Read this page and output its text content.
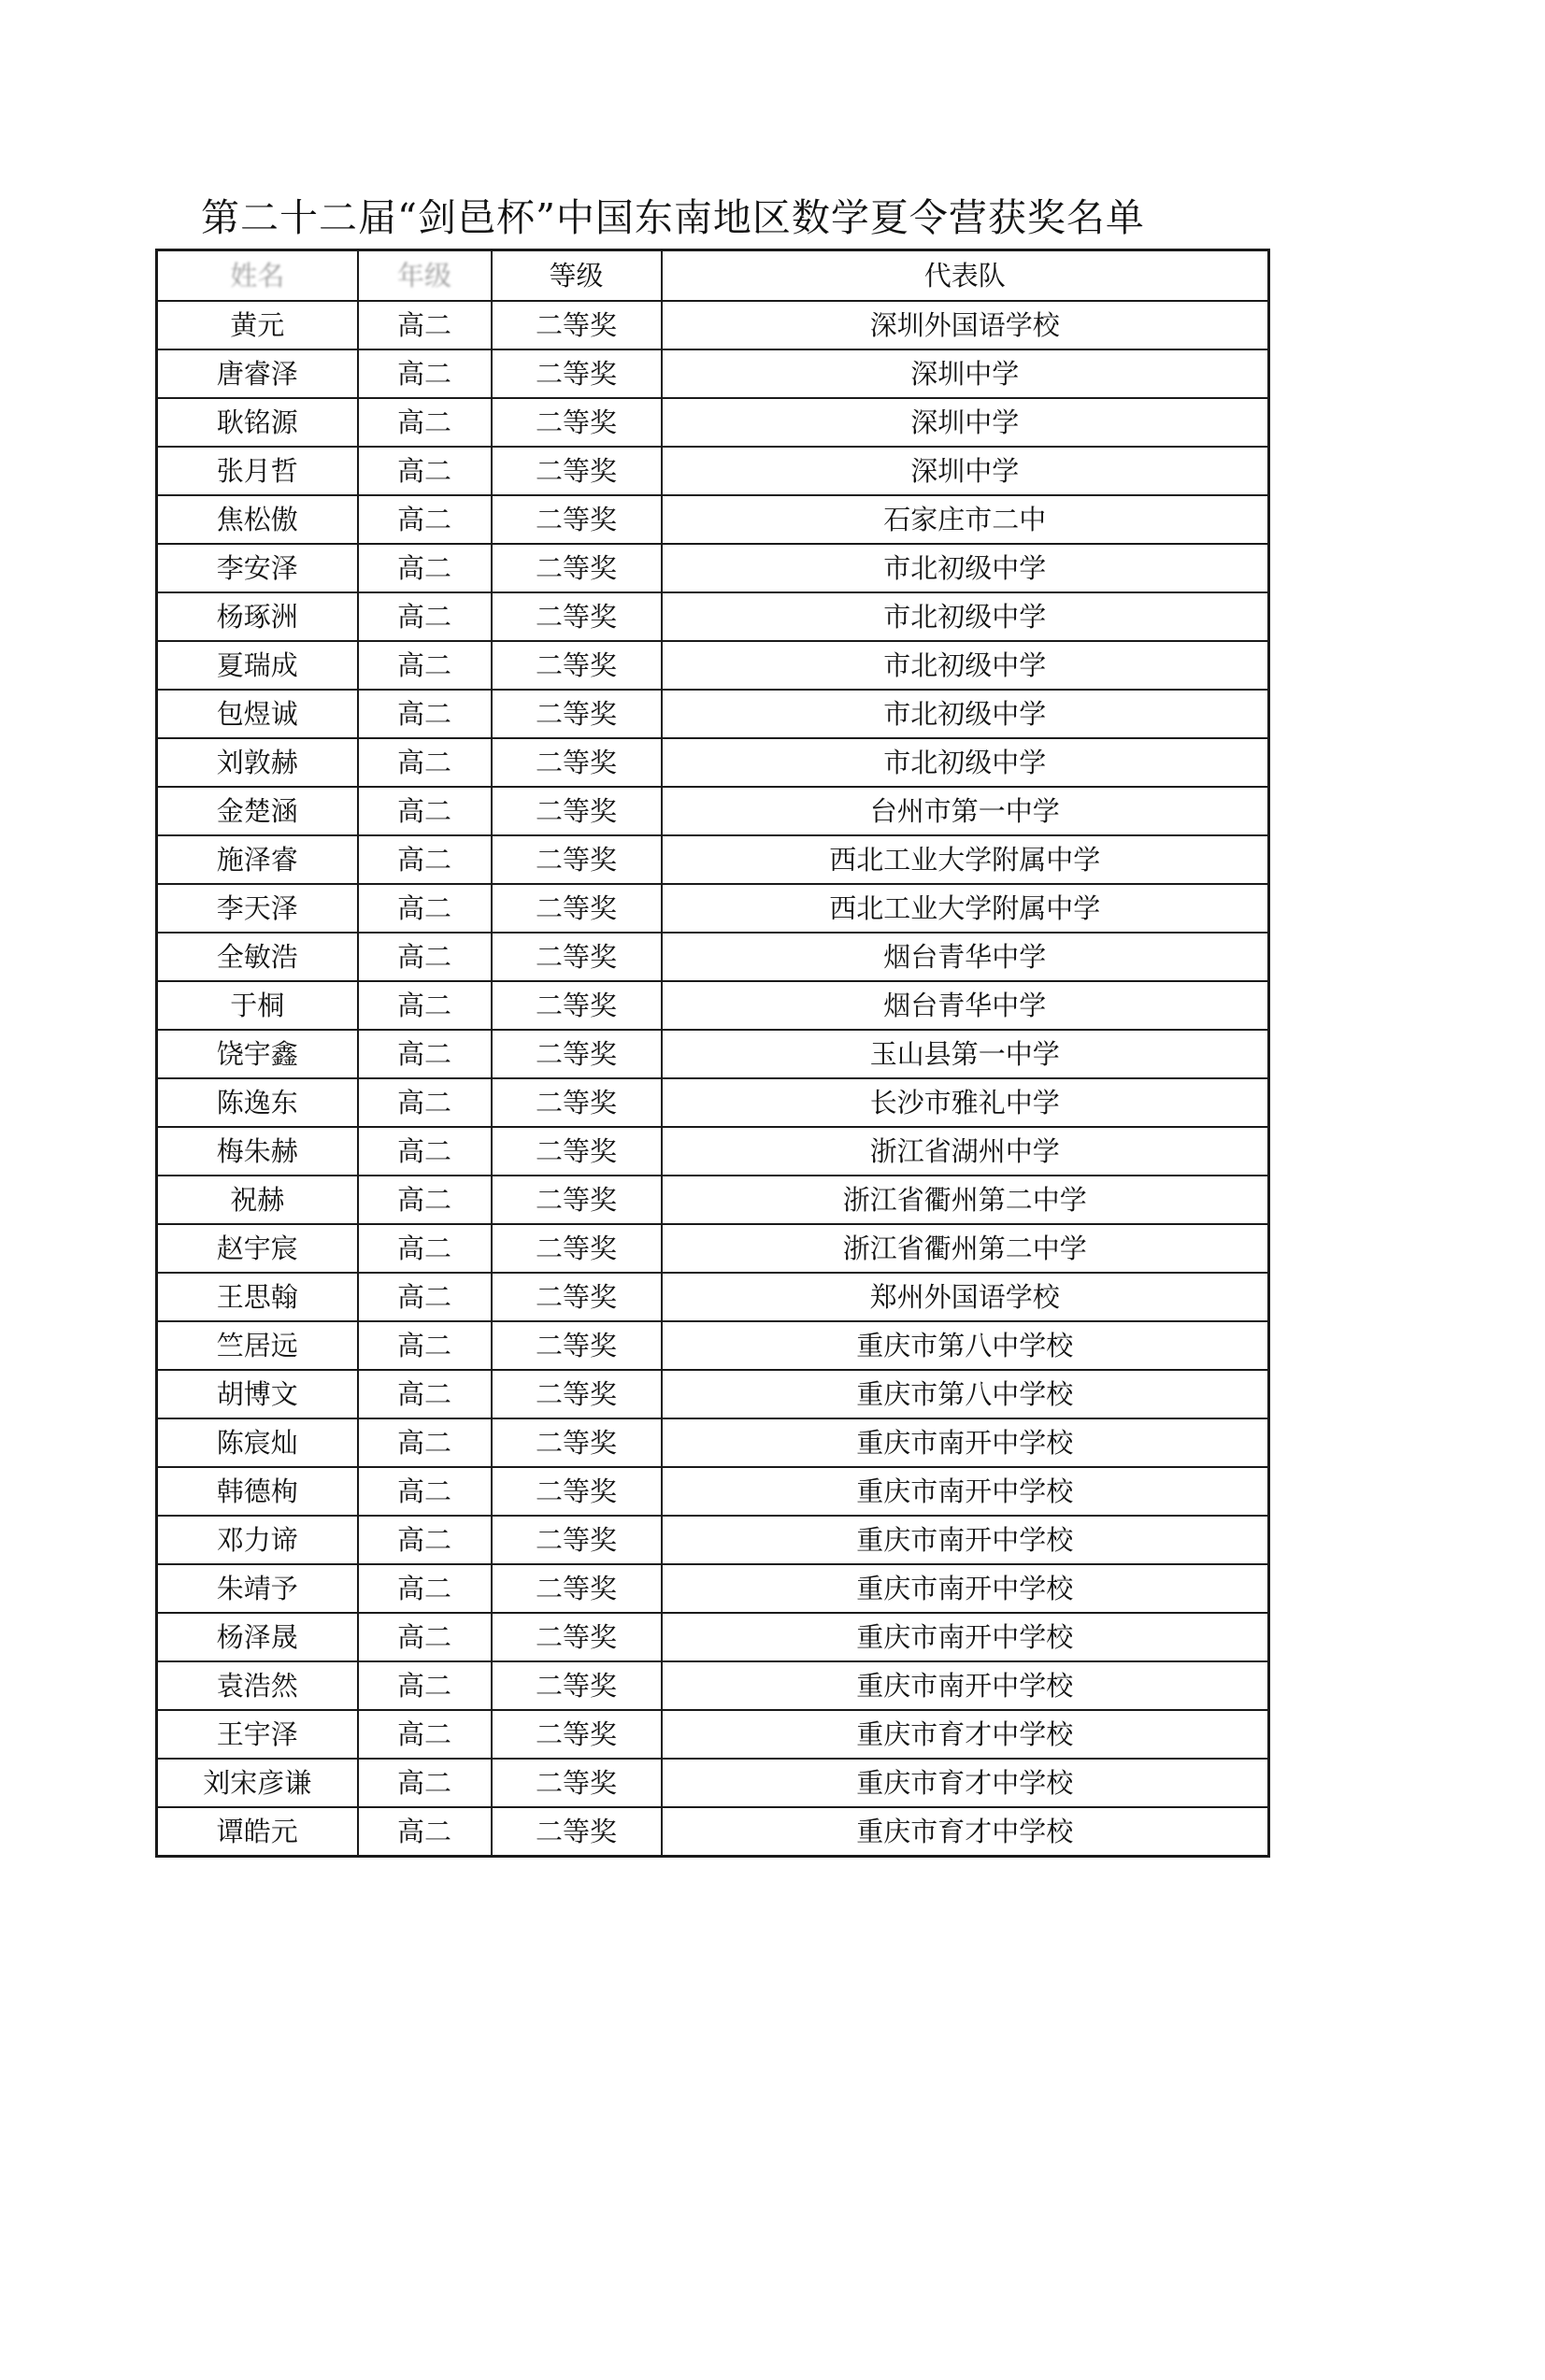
第二十二届“剑邑杯”中国东南地区数学夏令营获奖名单
姓名	年级	等级	代表队
黄元	高二	二等奖	深圳外国语学校
唐睿泽	高二	二等奖	深圳中学
耿铭源	高二	二等奖	深圳中学
张月哲	高二	二等奖	深圳中学
焦松傲	高二	二等奖	石家庄市二中
李安泽	高二	二等奖	市北初级中学
杨琢洲	高二	二等奖	市北初级中学
夏瑞成	高二	二等奖	市北初级中学
包煜诚	高二	二等奖	市北初级中学
刘敦赫	高二	二等奖	市北初级中学
金楚涵	高二	二等奖	台州市第一中学
施泽睿	高二	二等奖	西北工业大学附属中学
李天泽	高二	二等奖	西北工业大学附属中学
全敏浩	高二	二等奖	烟台青华中学
于桐	高二	二等奖	烟台青华中学
饶宇鑫	高二	二等奖	玉山县第一中学
陈逸东	高二	二等奖	长沙市雅礼中学
梅朱赫	高二	二等奖	浙江省湖州中学
祝赫	高二	二等奖	浙江省衢州第二中学
赵宇宸	高二	二等奖	浙江省衢州第二中学
王思翰	高二	二等奖	郑州外国语学校
竺居远	高二	二等奖	重庆市第八中学校
胡博文	高二	二等奖	重庆市第八中学校
陈宸灿	高二	二等奖	重庆市南开中学校
韩德栒	高二	二等奖	重庆市南开中学校
邓力谛	高二	二等奖	重庆市南开中学校
朱靖予	高二	二等奖	重庆市南开中学校
杨泽晟	高二	二等奖	重庆市南开中学校
袁浩然	高二	二等奖	重庆市南开中学校
王宇泽	高二	二等奖	重庆市育才中学校
刘宋彦谦	高二	二等奖	重庆市育才中学校
谭皓元	高二	二等奖	重庆市育才中学校
